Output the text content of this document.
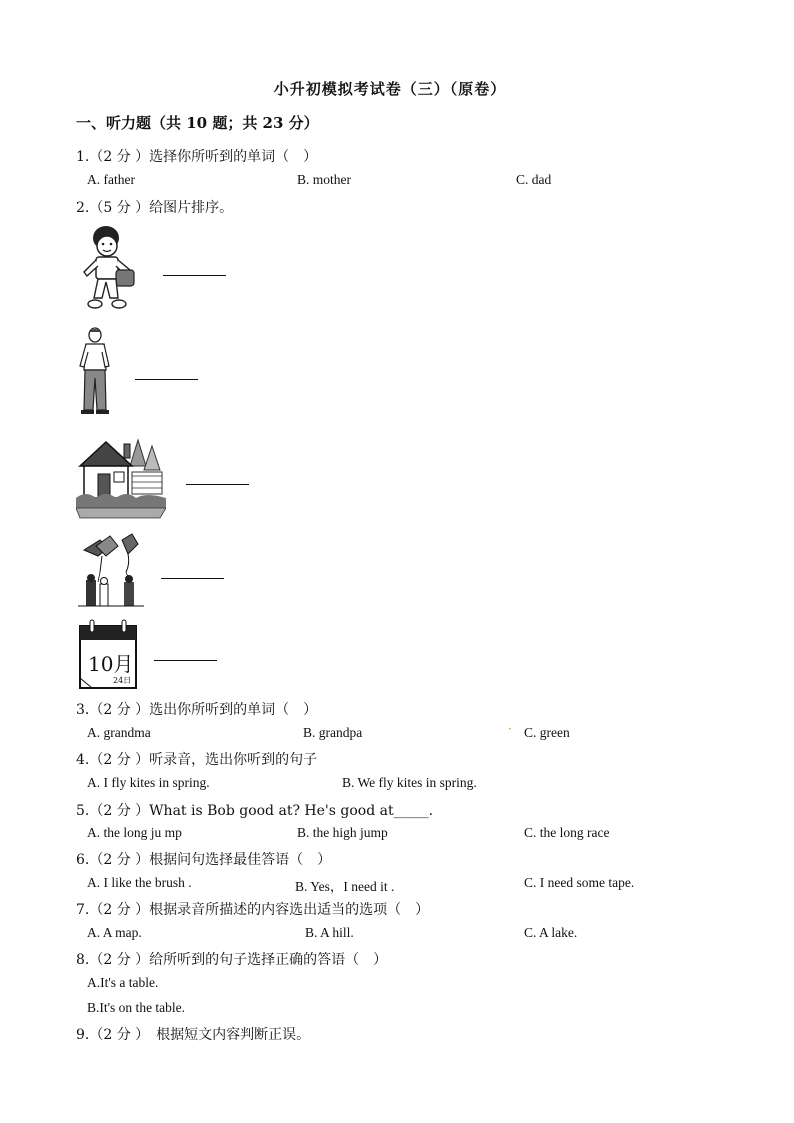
小升初模拟考试卷（三）（原卷）
一、听力题（共 10 题；共 23 分）
1.（2 分 ）选择你所听到的单词（　）
A. father	B. mother	C. dad
2.（5 分 ）给图片排序。
10月
24日
3.（2 分 ）选出你所听到的单词（　）
A. grandma	B. grandpa	· C. green
4.（2 分 ）听录音，选出你听到的句子
A. I fly kites in spring.	B. We fly kites in spring.
5.（2 分 ）What is Bob good at? He's good at_____.
A. the long ju mp	B. the high jump	C. the long race
6.（2 分 ）根据问句选择最佳答语（　）
A. I like the brush .	B. Yes，I need it .	C. I need some tape.
7.（2 分 ）根据录音所描述的内容选出适当的选项（　）
A. A map.	B. A hill.	C. A lake.
8.（2 分 ）给所听到的句子选择正确的答语（　）
A.It's a table.
B.It's on the table.
9.（2 分 ）　根据短文内容判断正误。
